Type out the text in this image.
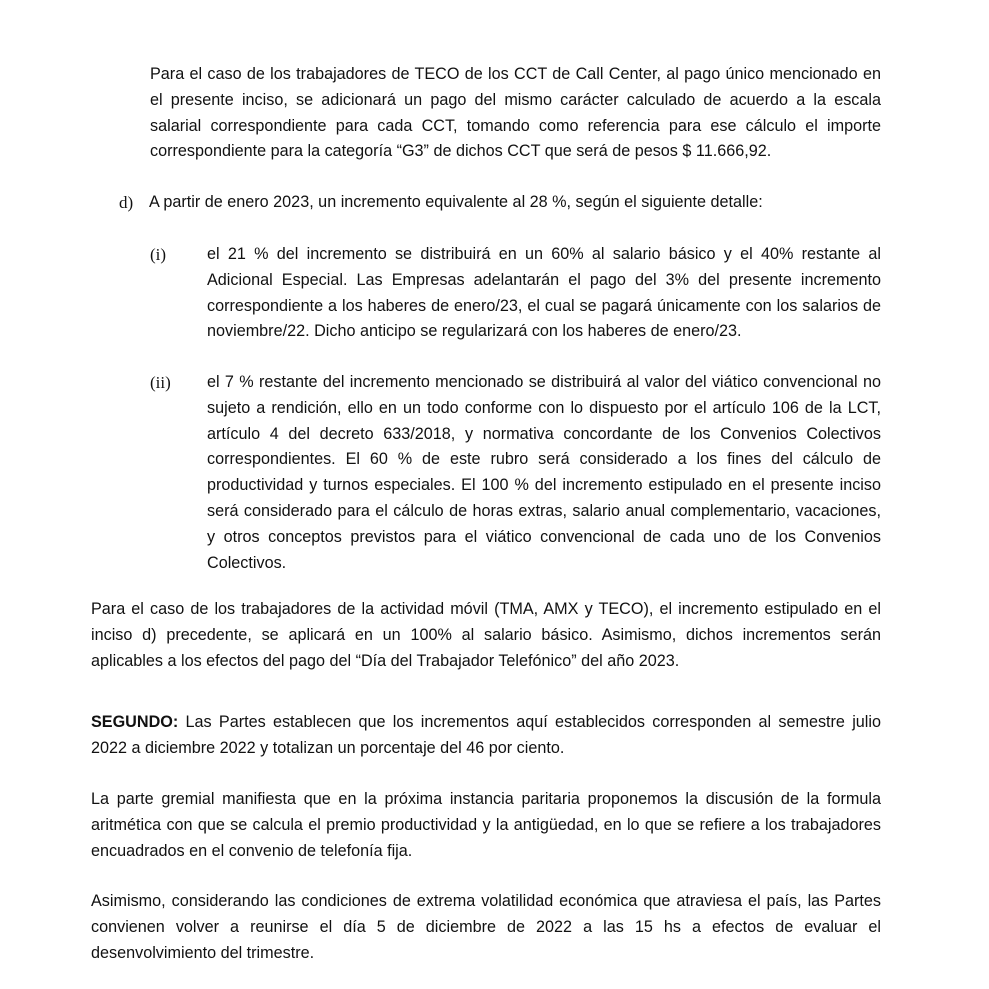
Para el caso de los trabajadores de TECO de los CCT de Call Center, al pago único mencionado en el presente inciso, se adicionará un pago del mismo carácter calculado de acuerdo a la escala salarial correspondiente para cada CCT, tomando como referencia para ese cálculo el importe correspondiente para la categoría “G3” de dichos CCT que será de pesos $ 11.666,92.

d) A partir de enero 2023, un incremento equivalente al 28 %, según el siguiente detalle:
(i)	el 21 % del incremento se distribuirá en un 60% al salario básico y el 40% restante al Adicional Especial. Las Empresas adelantarán el pago del 3% del presente incremento correspondiente a los haberes de enero/23, el cual se pagará únicamente con los salarios de noviembre/22. Dicho anticipo se regularizará con los haberes de enero/23.
(ii) el 7 % restante del incremento mencionado se distribuirá al valor del viático convencional no sujeto a rendición, ello en un todo conforme con lo dispuesto por el artículo 106 de la LCT, artículo 4 del decreto 633/2018, y normativa concordante de los Convenios Colectivos correspondientes. El 60 % de este rubro será considerado a los fines del cálculo de productividad y turnos especiales. El 100 % del incremento estipulado en el presente inciso será considerado para el cálculo de horas extras, salario anual complementario, vacaciones, y otros conceptos previstos para el viático convencional de cada uno de los Convenios Colectivos.

Para el caso de los trabajadores de la actividad móvil (TMA, AMX y TECO), el incremento estipulado en el inciso d) precedente, se aplicará en un 100% al salario básico. Asimismo, dichos incrementos serán aplicables a los efectos del pago del “Día del Trabajador Telefónico” del año 2023.

SEGUNDO: Las Partes establecen que los incrementos aquí establecidos corresponden al semestre julio 2022 a diciembre 2022 y totalizan un porcentaje del 46 por ciento.

La parte gremial manifiesta que en la próxima instancia paritaria proponemos la discusión de la formula aritmética con que se calcula el premio productividad y la antigüedad, en lo que se refiere a los trabajadores encuadrados en el convenio de telefonía fija.

Asimismo, considerando las condiciones de extrema volatilidad económica que atraviesa el país, las Partes convienen volver a reunirse el día 5 de diciembre de 2022 a las 15 hs a efectos de evaluar el desenvolvimiento del trimestre.
